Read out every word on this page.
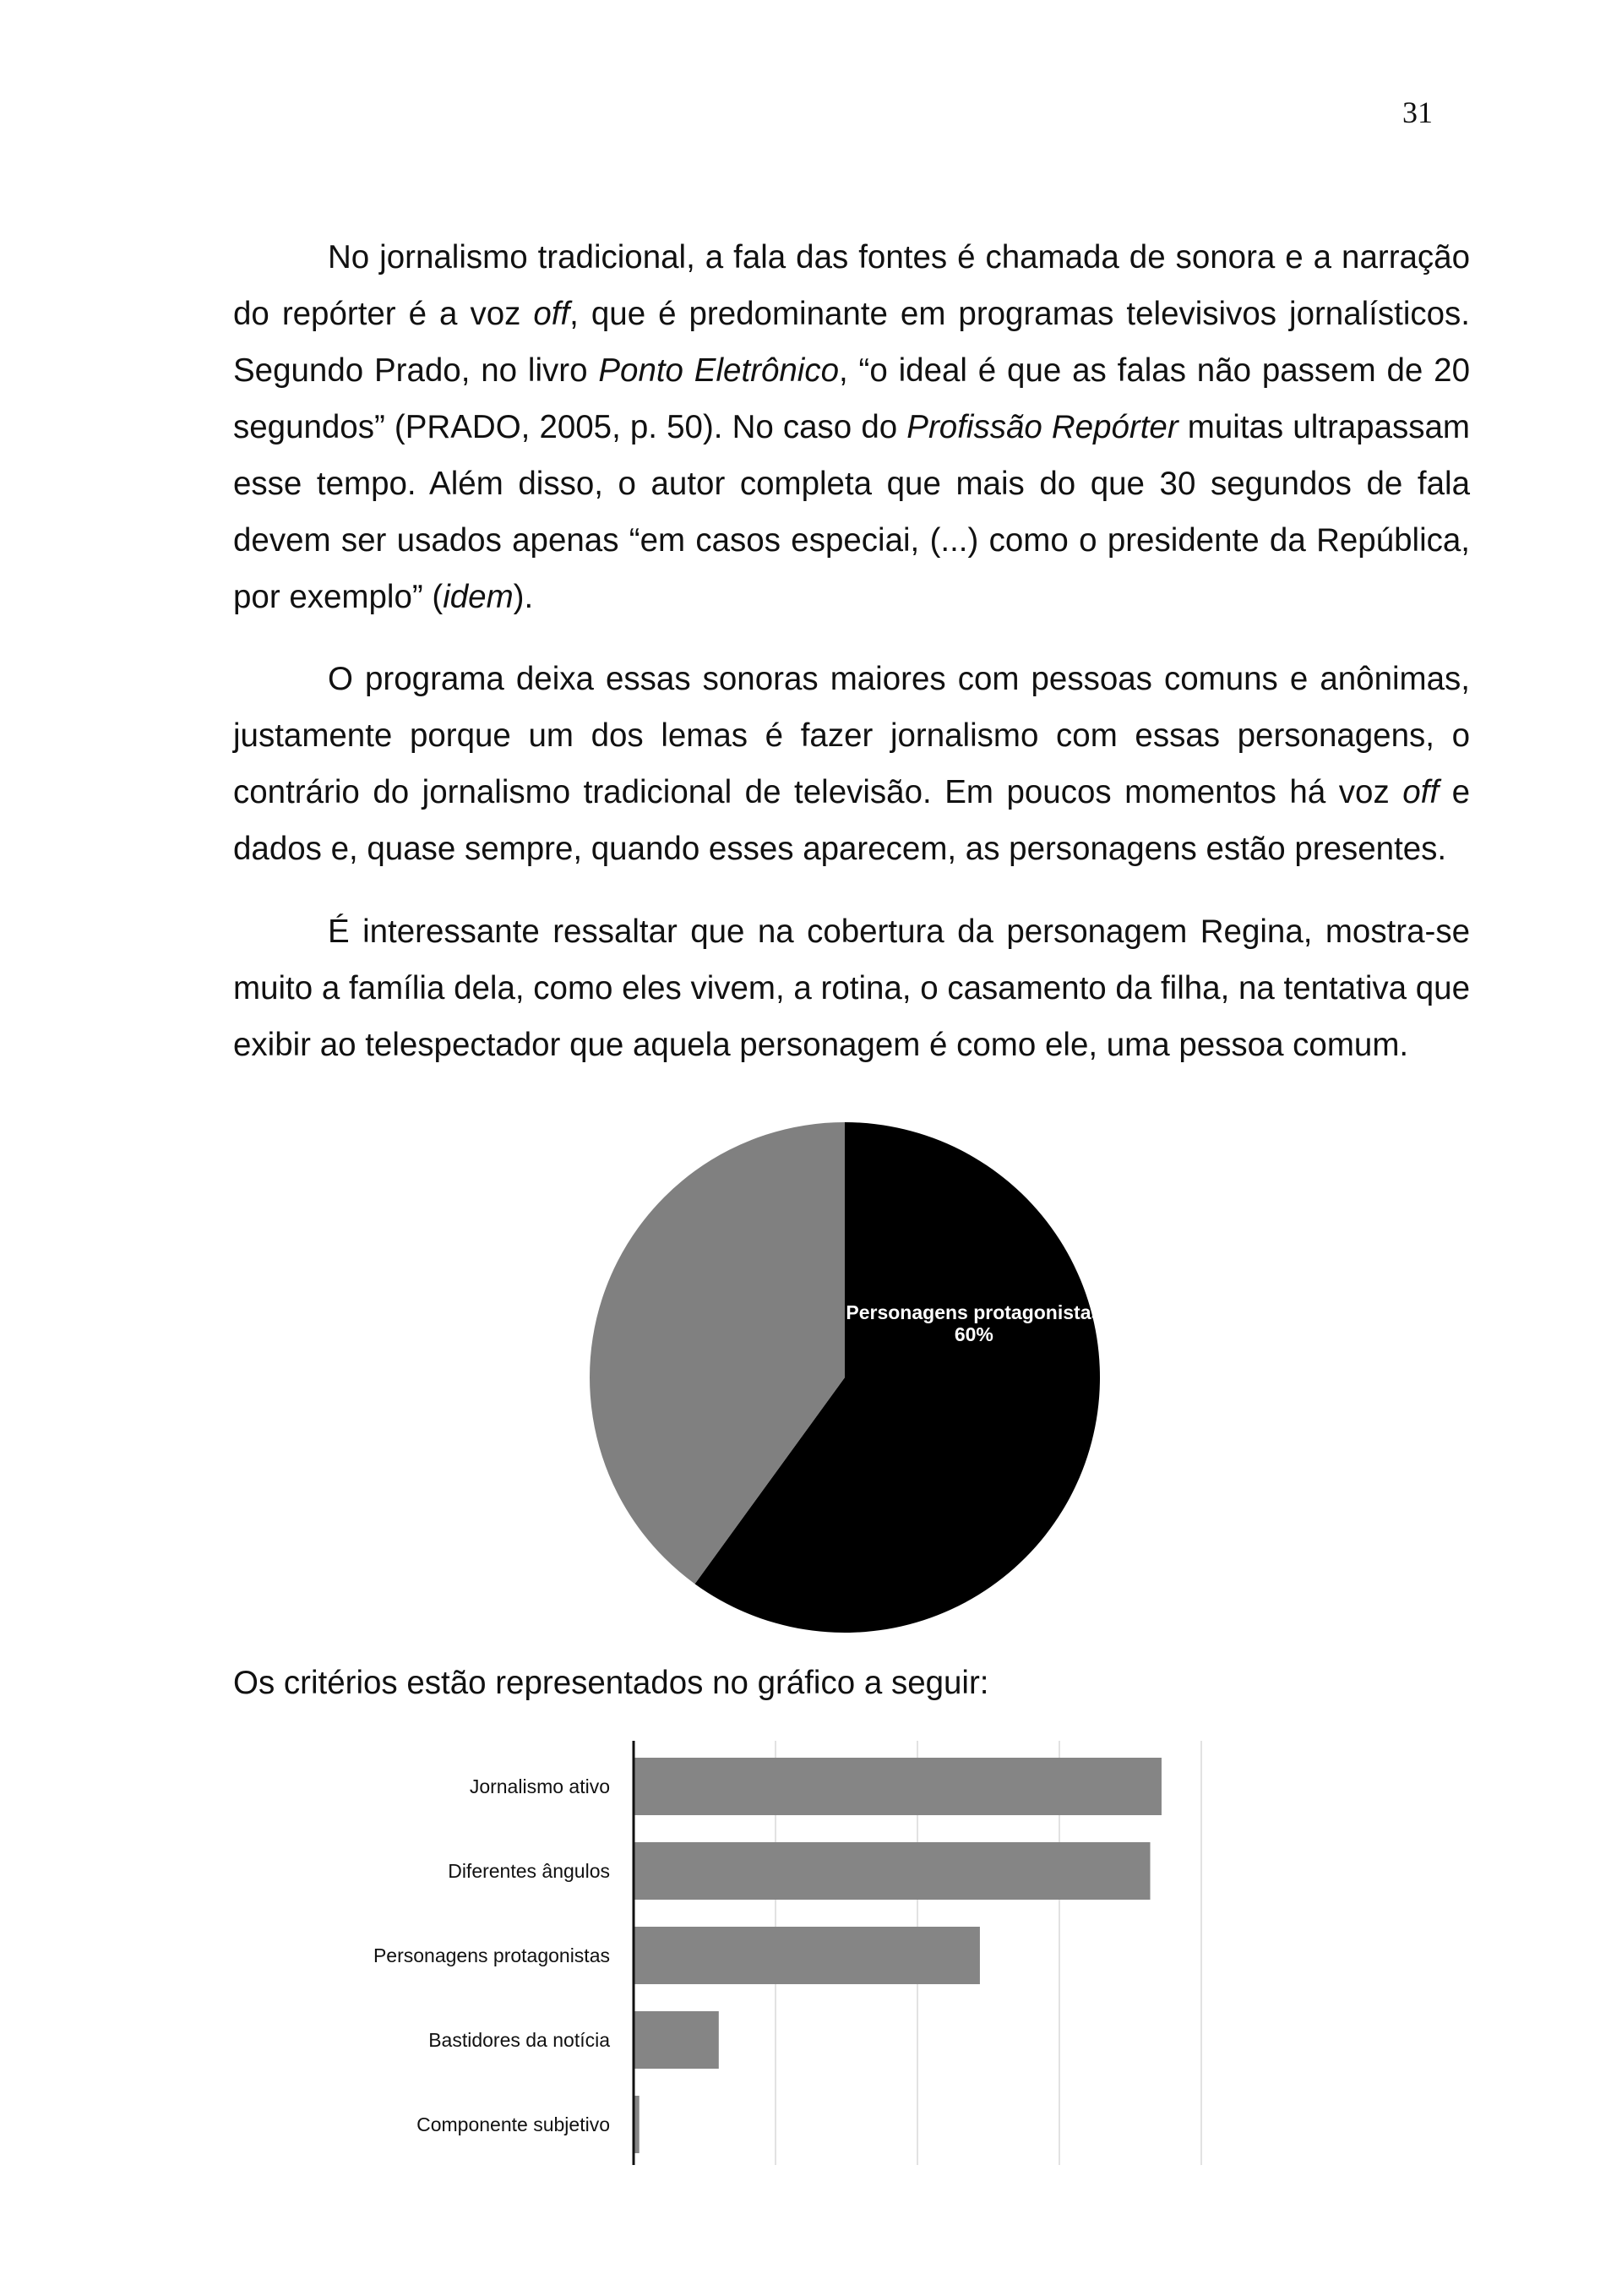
31

No jornalismo tradicional, a fala das fontes é chamada de sonora e a narração do repórter é a voz off, que é predominante em programas televisivos jornalísticos. Segundo Prado, no livro Ponto Eletrônico, “o ideal é que as falas não passem de 20 segundos” (PRADO, 2005, p. 50). No caso do Profissão Repórter muitas ultrapassam esse tempo. Além disso, o autor completa que mais do que 30 segundos de fala devem ser usados apenas “em casos especiai, (...) como o presidente da República, por exemplo” (idem).

O programa deixa essas sonoras maiores com pessoas comuns e anônimas, justamente porque um dos lemas é fazer jornalismo com essas personagens, o contrário do jornalismo tradicional de televisão. Em poucos momentos há voz off e dados e, quase sempre, quando esses aparecem, as personagens estão presentes.

É interessante ressaltar que na cobertura da personagem Regina, mostra-se muito a família dela, como eles vivem, a rotina, o casamento da filha, na tentativa que exibir ao telespectador que aquela personagem é como ele, uma pessoa comum.

Personagens protagonistas
60%
Os critérios estão representados no gráfico a seguir:
Jornalismo ativo
Diferentes ângulos
Personagens protagonistas
Bastidores da notícia
Componente subjetivo
